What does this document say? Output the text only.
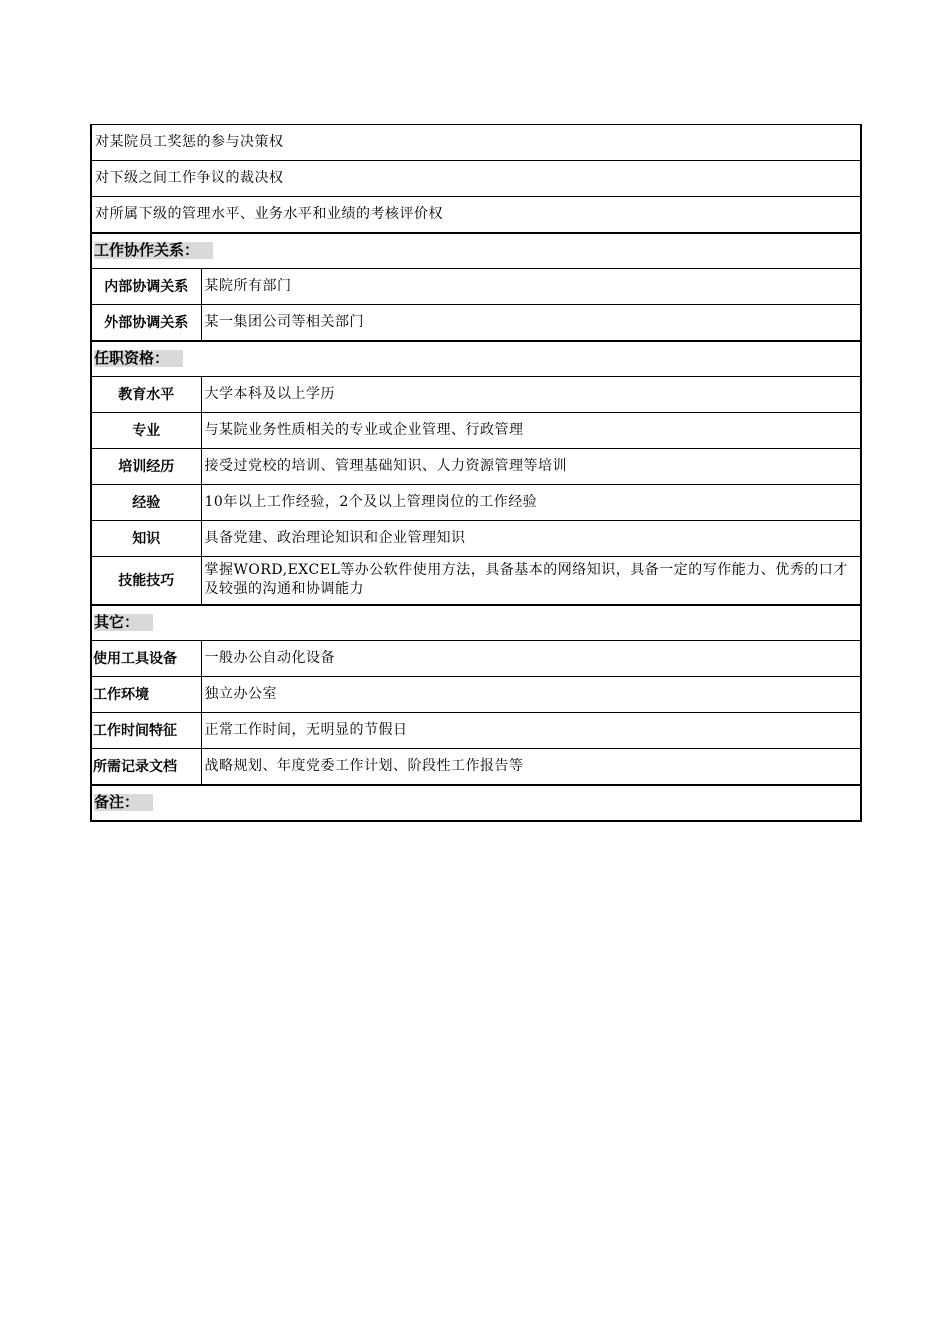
对某院员工奖惩的参与决策权	
对下级之间工作争议的裁决权	
对所属下级的管理水平、业务水平和业绩的考核评价权	
工作协作关系：	
内部协调关系	某院所有部门
外部协调关系	某一集团公司等相关部门
任职资格：	
教育水平	大学本科及以上学历
专业	与某院业务性质相关的专业或企业管理、行政管理
培训经历	接受过党校的培训、管理基础知识、人力资源管理等培训
经验	10年以上工作经验，2个及以上管理岗位的工作经验
知识	具备党建、政治理论知识和企业管理知识
技能技巧	掌握WORD,EXCEL等办公软件使用方法，具备基本的网络知识，具备一定的写作能力、优秀的口才及较强的沟通和协调能力
其它：	
使用工具设备	一般办公自动化设备
工作环境	独立办公室
工作时间特征	正常工作时间，无明显的节假日
所需记录文档	战略规划、年度党委工作计划、阶段性工作报告等
备注：	
